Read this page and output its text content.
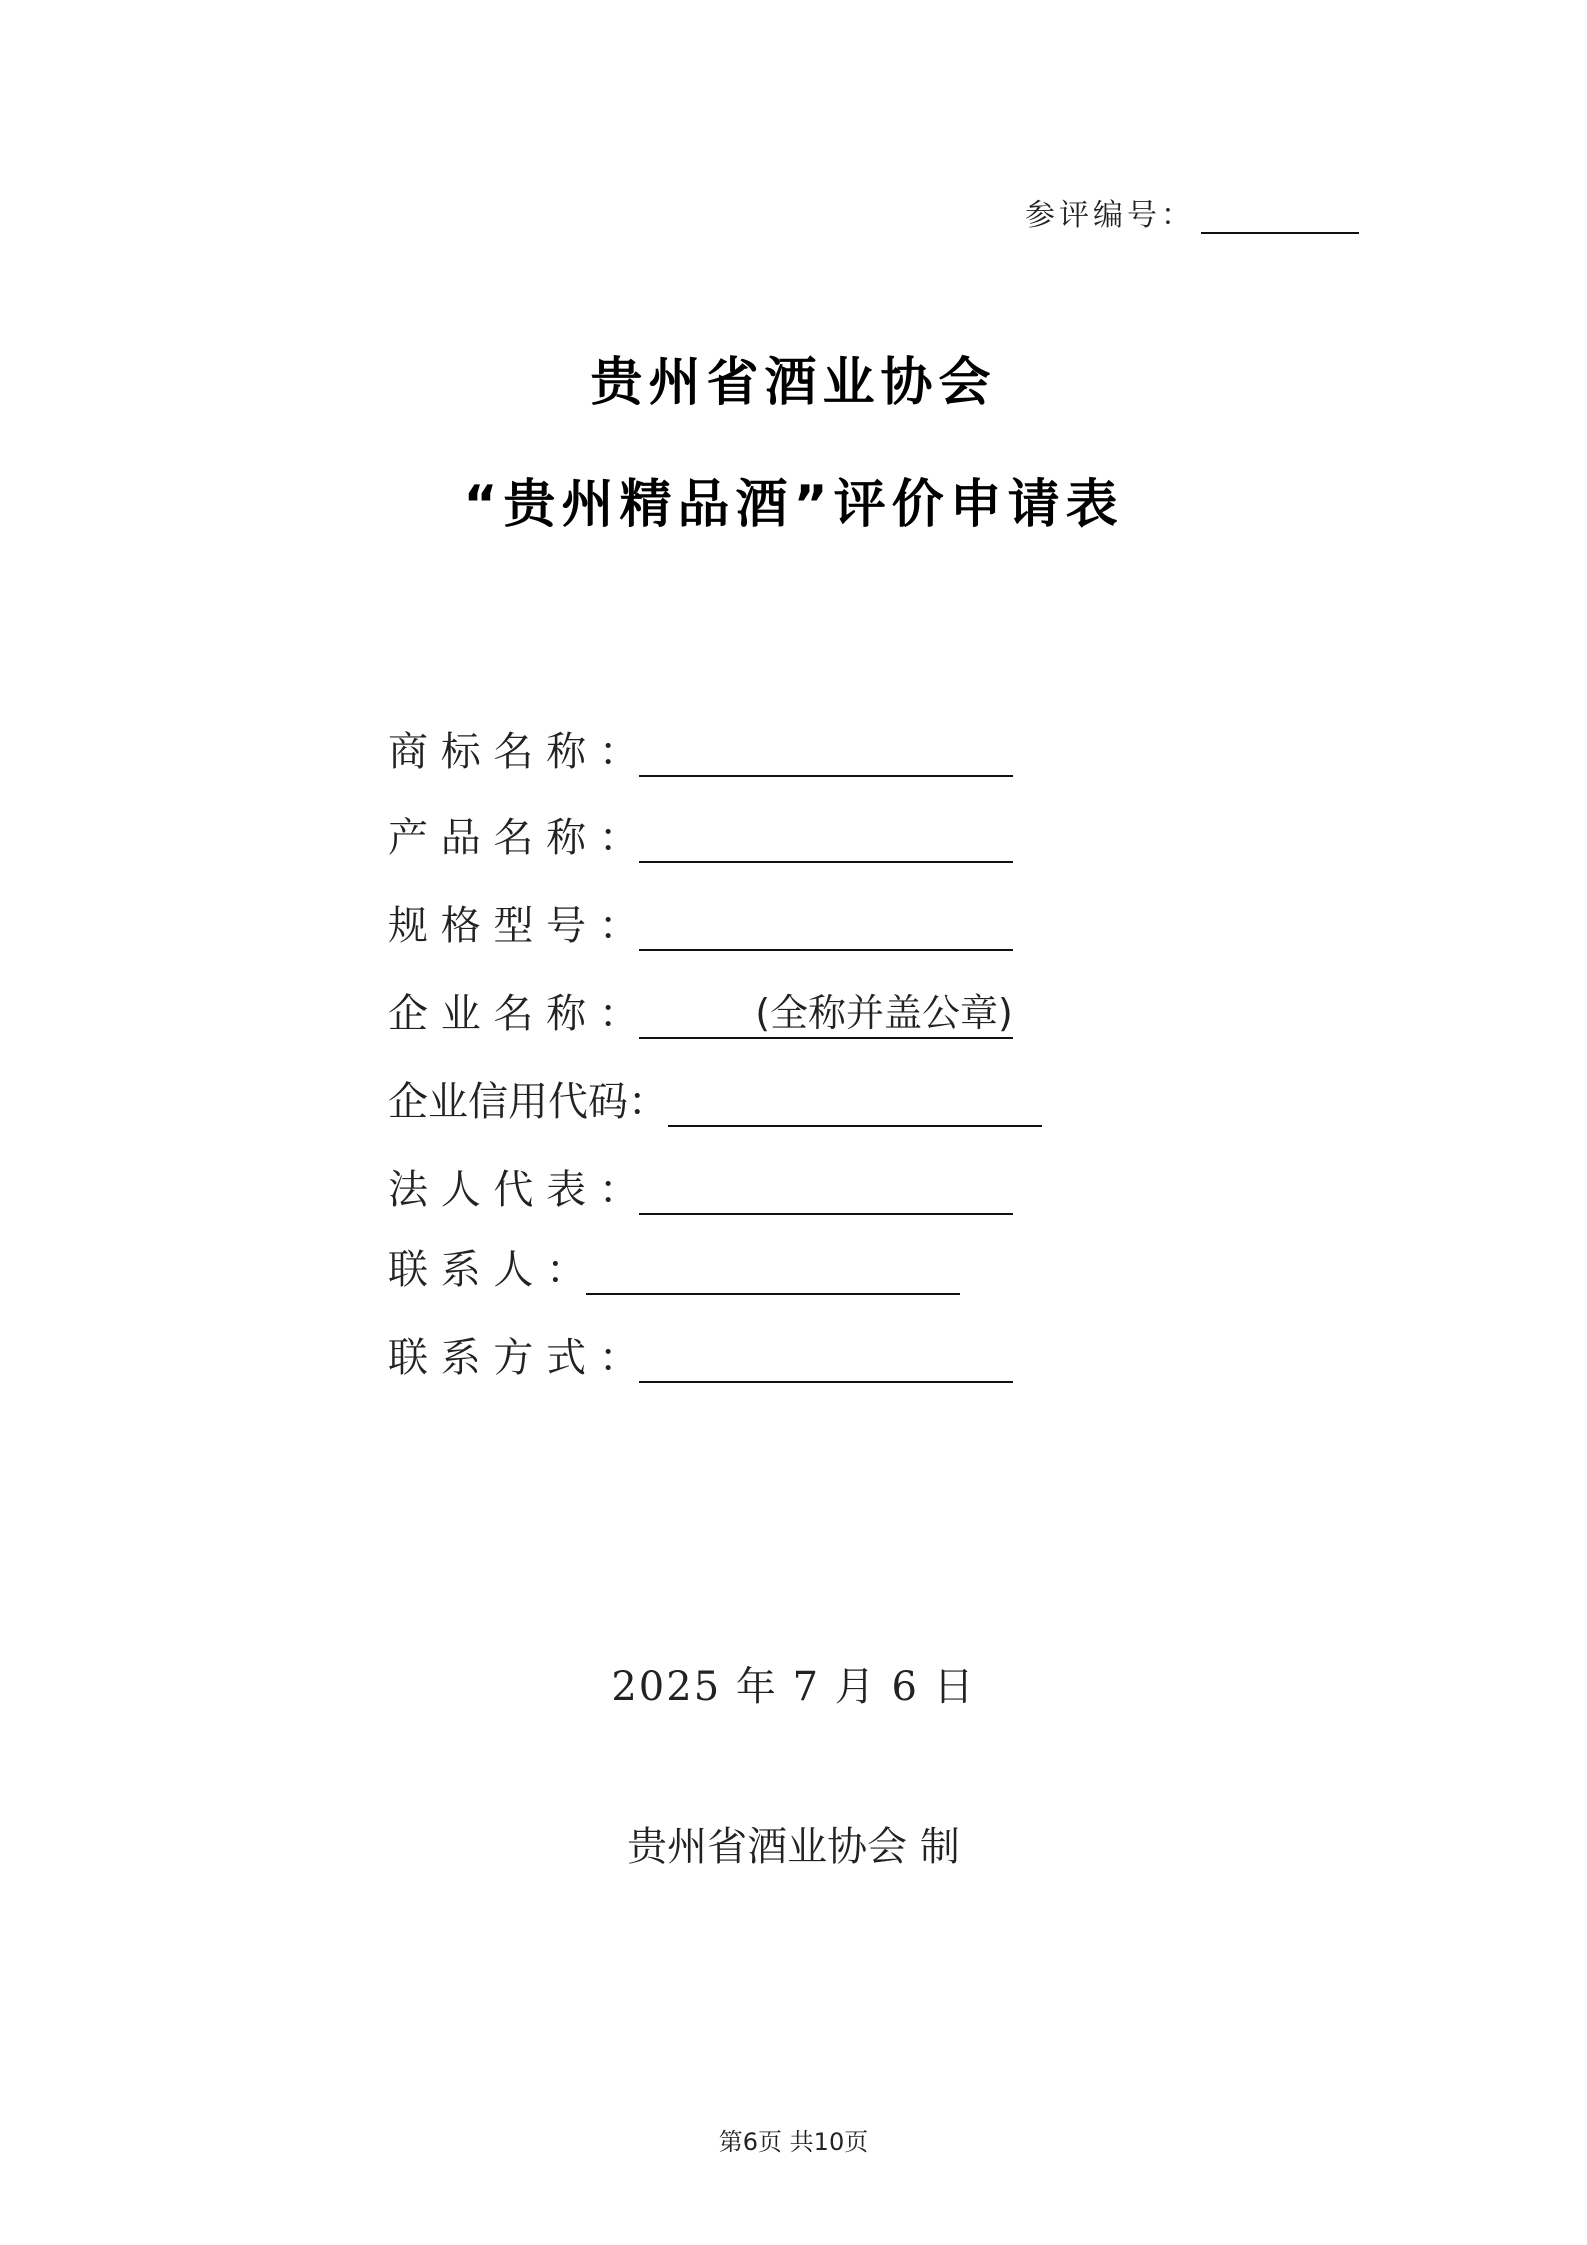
参评编号：
贵州省酒业协会
“贵州精品酒”评价申请表
商 标 名 称 ：
产 品 名 称 ：
规 格 型 号 ：
企 业 名 称 ：	(全称并盖公章)
企业信用代码：
法 人 代 表 ：
联 系 人 ：
联 系 方 式 ：
2025 年 7 月 6 日
贵州省酒业协会 制
第6页 共10页
